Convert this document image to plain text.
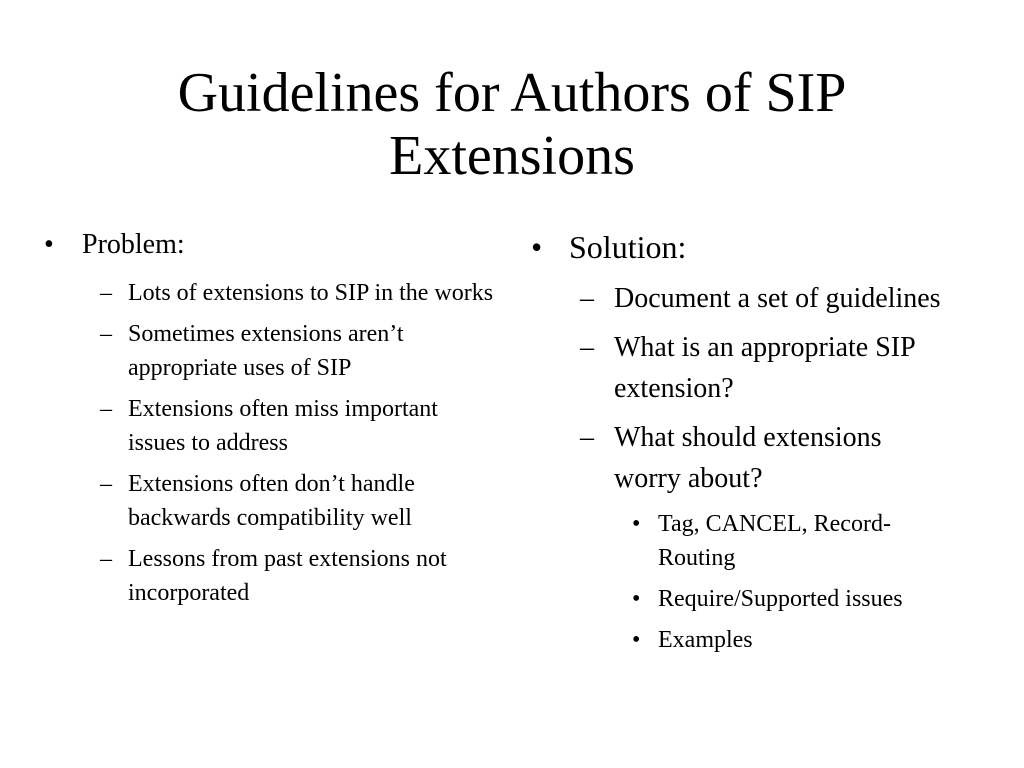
Guidelines for Authors of SIP
Extensions
•	Problem:
– Lots of extensions to SIP in the works
– Sometimes extensions aren’t appropriate uses of SIP
– Extensions often miss important issues to address
– Extensions often don’t handle backwards compatibility well
– Lessons from past extensions not incorporated
• Solution:
– Document a set of guidelines
– What is an appropriate SIP extension?
– What should extensions worry about?
• Tag, CANCEL, Record-Routing
• Require/Supported issues
• Examples
